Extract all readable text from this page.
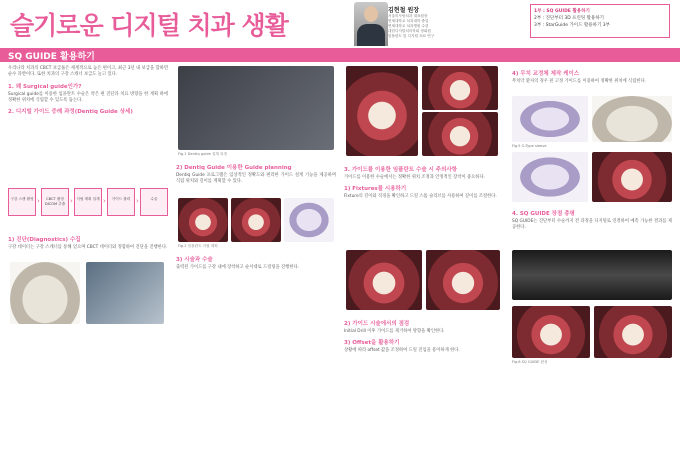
슬기로운 디지털 치과 생활
김현철 원장
서울미사랑치과 대표원장
연세대학교 치과대학 졸업
연세대학교 치과병원 수련
대한디지털치의학회 정회원
임플란트 및 디지털 치료 연구
1부 : SQ GUIDE 활용하기
2부 : 진단부터 3D 프린팅 활용하기
3부 : StarGuide 가이드 활용하기 3부
SQ GUIDE 활용하기

우리나라 치과의 CBCT 보급률은 세계적으로 높은 편이고, 최근 3년 내 보급을 합하면 순수 과반이다. 또한 치과의 구강 스캐너 보급도 늘고 있다.

1. 왜 Surgical guide인가?

Surgical guide를 이용한 임플란트 수술은 약은 편 진단과 치료 방향을 한 계획 하에 정확한 위치에 식립할 수 있도록 돕는다.

2. 디지털 가이드 증례 과정(Dentiq Guide 상세)
구강 스캔 촬영 ›	CBCT 촬영 DICOM 추출 ›	식립 계획 설계 ›	가이드 출력 ›	수술
1) 진단(Diagnostics) 수집

구강 데이터는 구강 스캐너를 통해 얻으며 CBCT 데이터와 정합하여 진단을 진행한다.

Fig.1 Dentiq guide 설계 과정
2) Dentiq Guide 이용한 Guide planning

Dentiq Guide 프로그램은 임상적인 정확도와 편리한 가이드 설계 기능을 제공하며 식립 위치와 깊이를 계획할 수 있다.

Fig.2 임플란트 식립 계획
3) 시술과 수술

출력된 가이드를 구강 내에 장착하고 순서대로 드릴링을 진행한다.

3. 가이드를 이용한 임플란트 수술 시 주의사항

가이드를 이용한 수술에서는 정확한 위치 조정과 안정적인 장착이 중요하다.

1) Fixtures를 시용하기

Fixture의 길이와 직경을 확인하고 드릴 스톱 슬리브를 사용하여 깊이를 조절한다.

2) 가이드 시술에서의 점검

Initial Drill 이후 가이드를 제거하여 방향을 확인한다.

3) Offset을 활용하기

상황에 따라 offset 값을 조정하여 드릴 진입을 용이하게 한다.

4) 무치 교정체 제작 케이스

무치악 환자의 경우 핀 고정 가이드를 이용하여 정확한 위치에 식립한다.

Fig.5 O-Type sleeve
4. SQ GUIDE 장점 총평

SQ GUIDE는 진단부터 수술까지 전 과정을 디지털로 연결하여 예측 가능한 결과를 제공한다.

Fig.6 SQ GUIDE 완성
